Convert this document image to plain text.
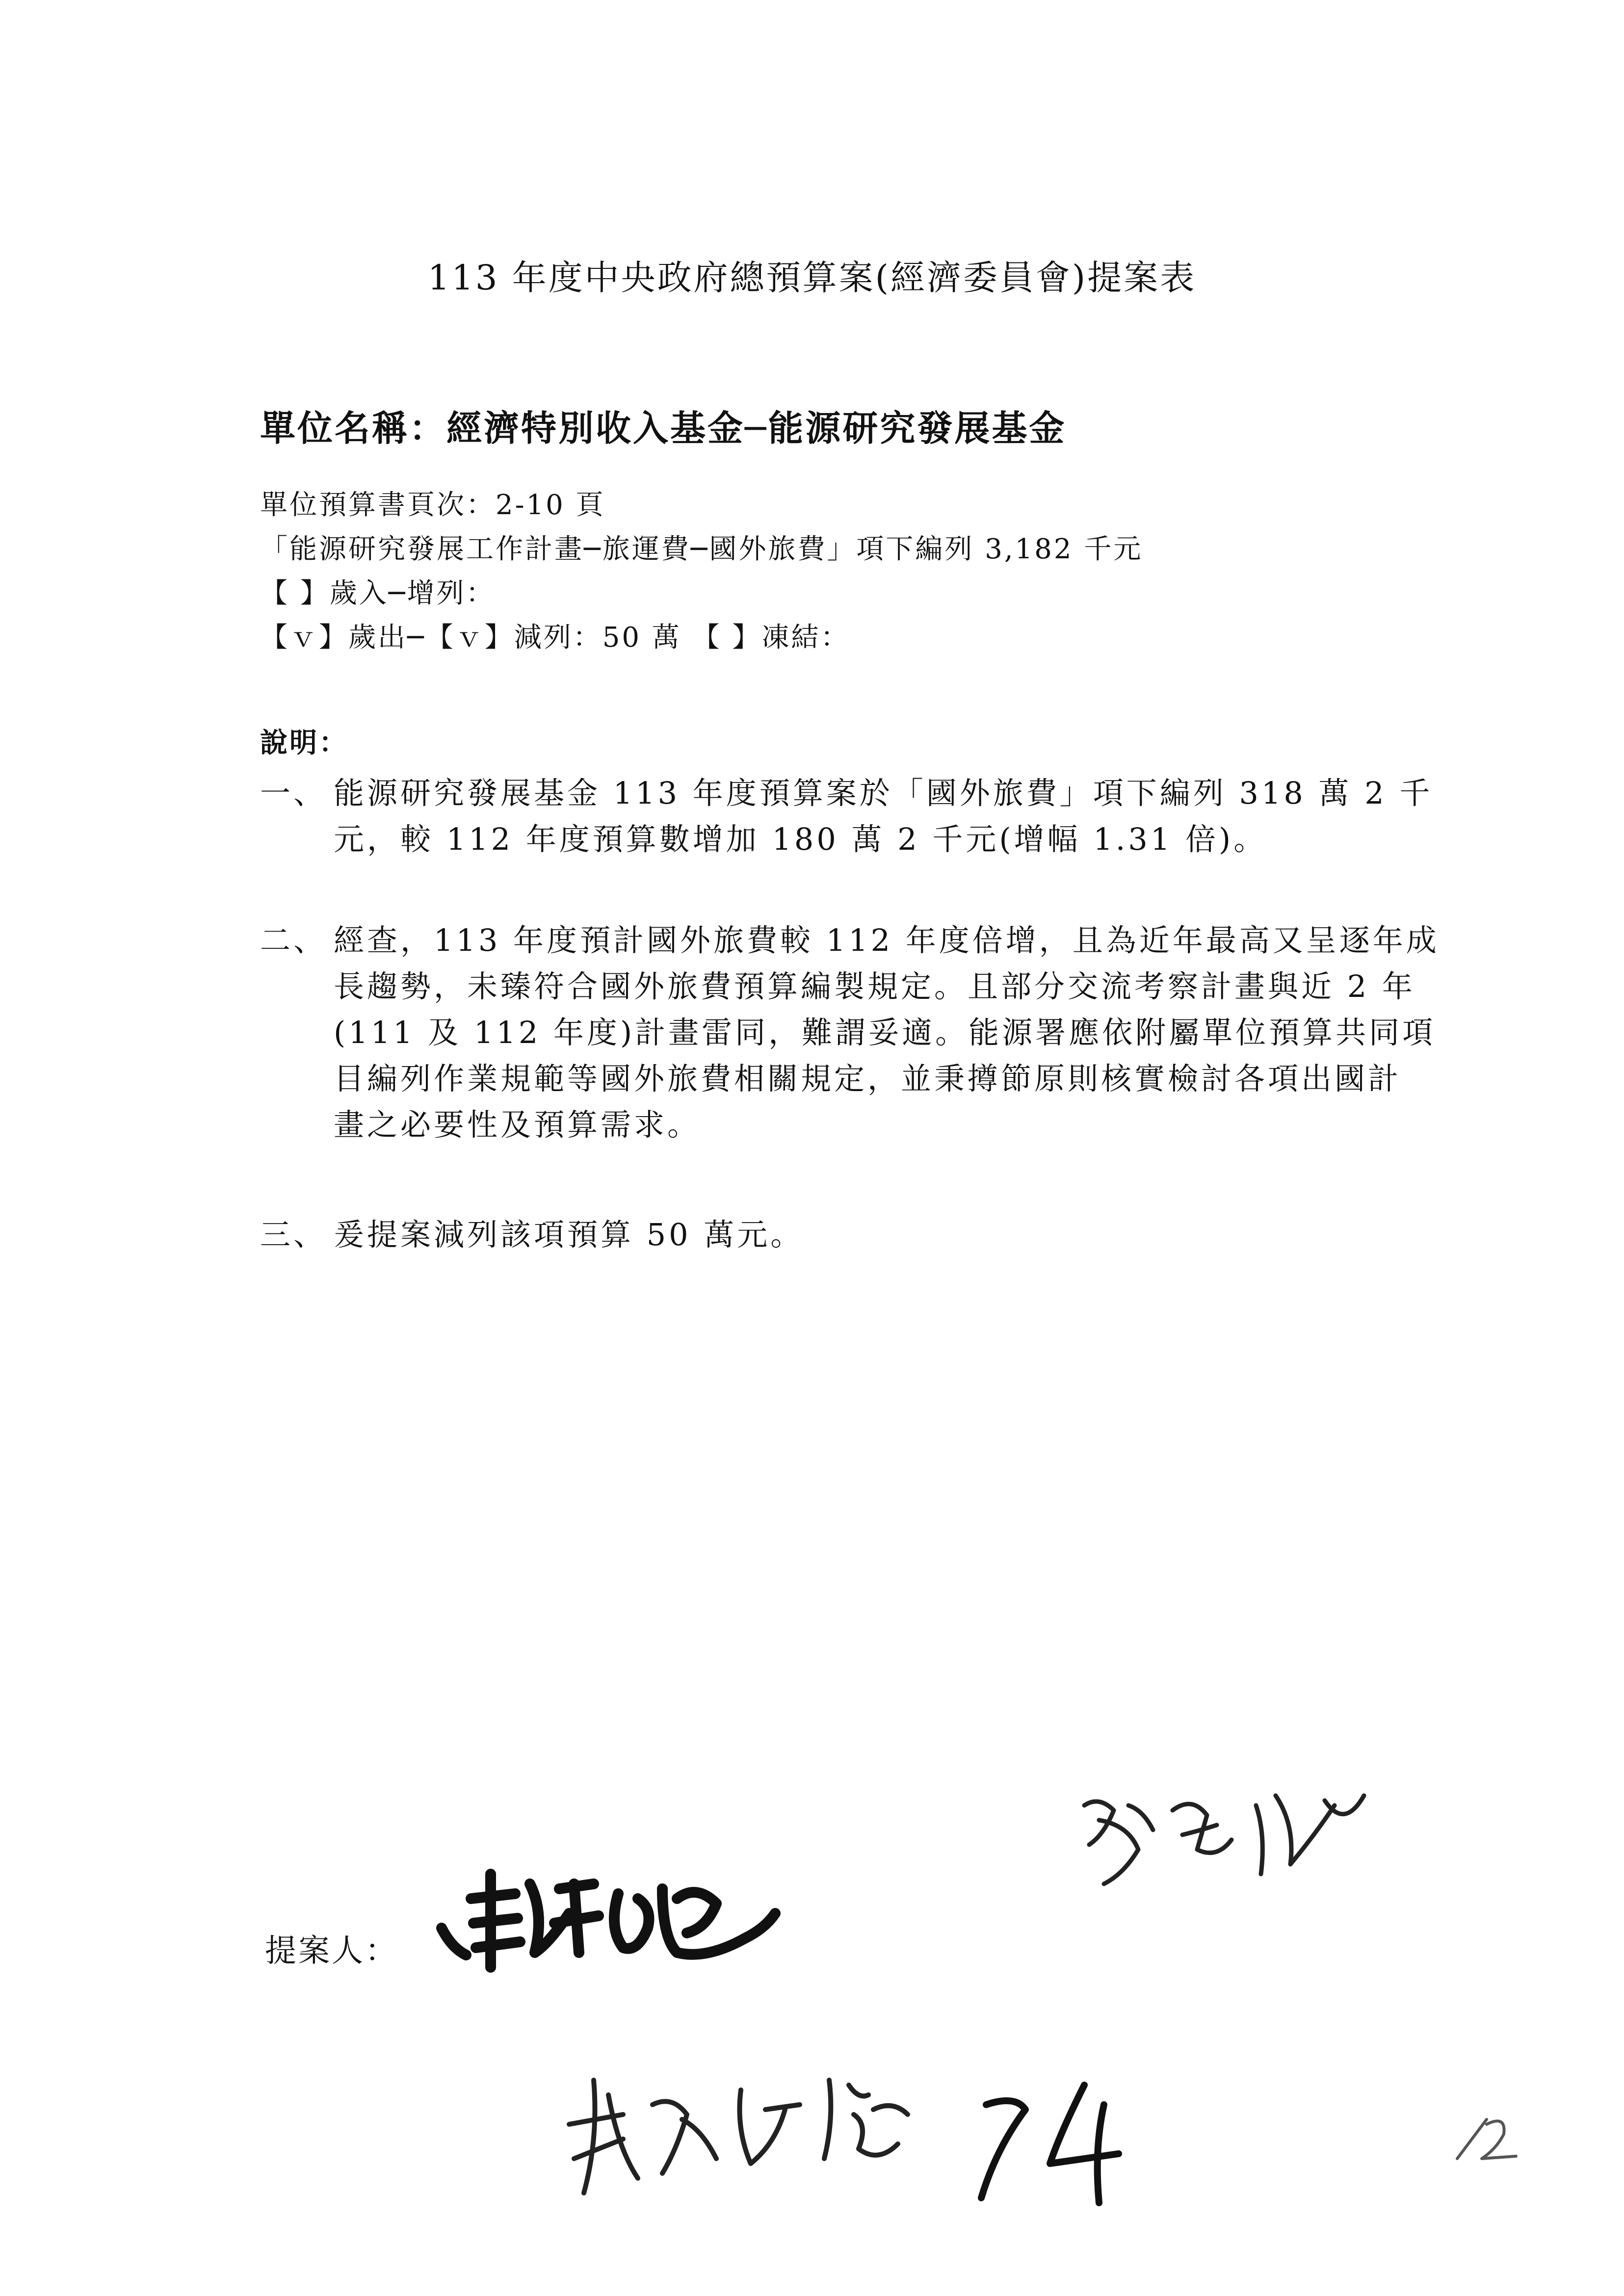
113 年度中央政府總預算案(經濟委員會)提案表
單位名稱：經濟特別收入基金─能源研究發展基金
單位預算書頁次：2-10 頁
「能源研究發展工作計畫─旅運費─國外旅費」項下編列 3,182 千元
【 】歲入─增列：
【ｖ】歲出─【ｖ】減列：50 萬 【 】凍結：
說明：
一、 能源研究發展基金 113 年度預算案於「國外旅費」項下編列 318 萬 2 千
元，較 112 年度預算數增加 180 萬 2 千元(增幅 1.31 倍)。
二、 經查，113 年度預計國外旅費較 112 年度倍增，且為近年最高又呈逐年成
長趨勢，未臻符合國外旅費預算編製規定。且部分交流考察計畫與近 2 年
(111 及 112 年度)計畫雷同，難謂妥適。能源署應依附屬單位預算共同項
目編列作業規範等國外旅費相關規定，並秉撙節原則核實檢討各項出國計
畫之必要性及預算需求。
三、 爰提案減列該項預算 50 萬元。
提案人：
